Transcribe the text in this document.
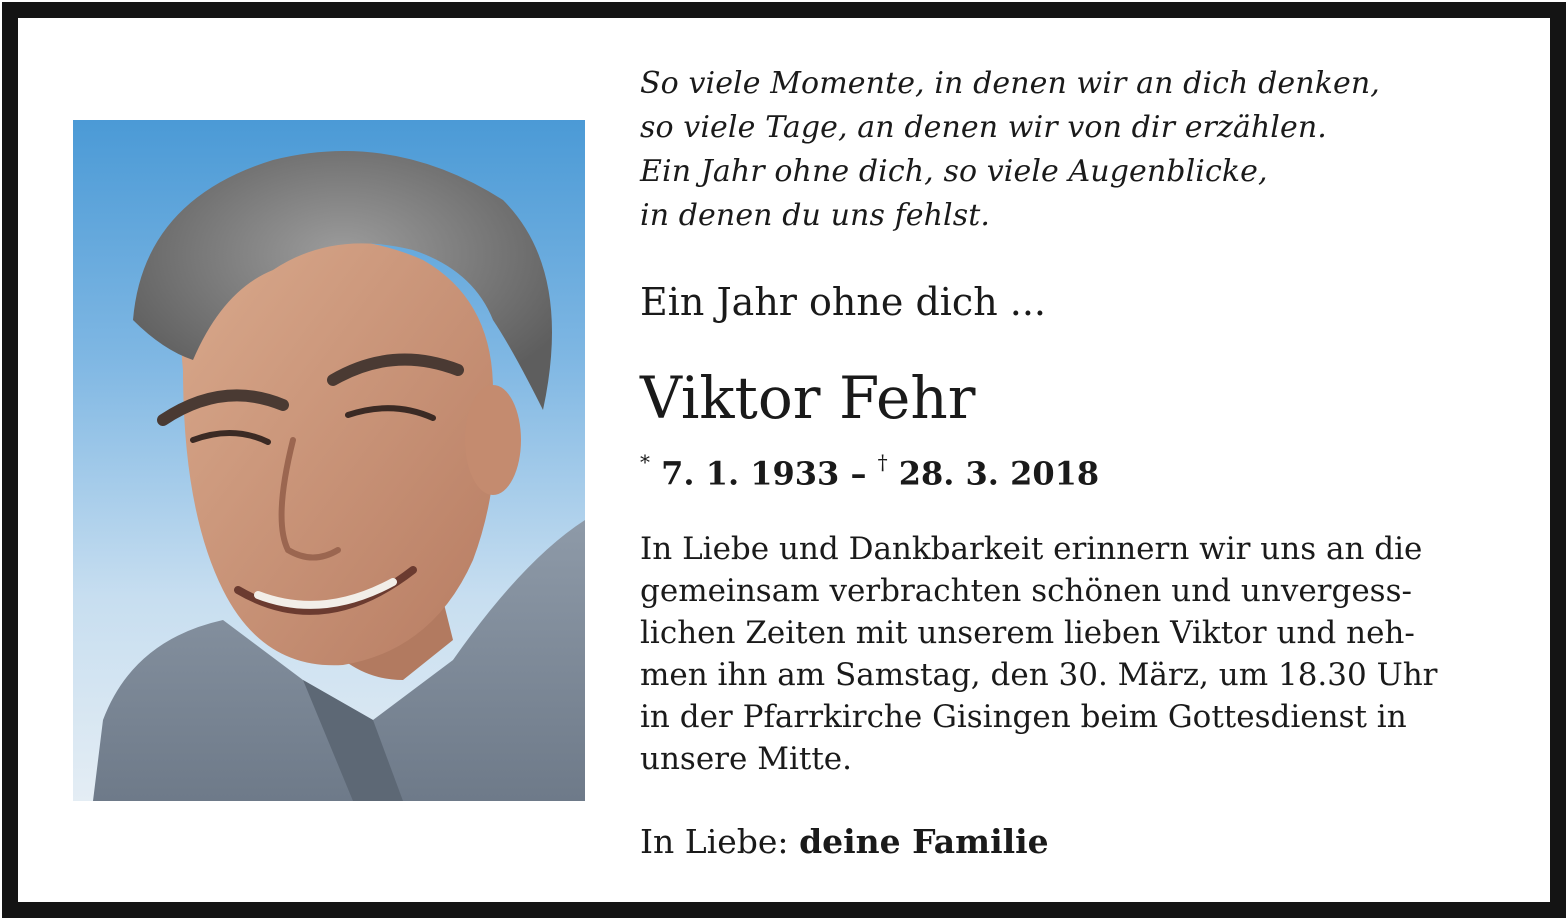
So viele Momente, in denen wir an dich denken,
so viele Tage, an denen wir von dir erzählen.
Ein Jahr ohne dich, so viele Augenblicke,
in denen du uns fehlst.
Ein Jahr ohne dich ...
Viktor Fehr
* 7. 1. 1933 – † 28. 3. 2018
In Liebe und Dankbarkeit erinnern wir uns an die
gemeinsam verbrachten schönen und unvergess-
lichen Zeiten mit unserem lieben Viktor und neh-
men ihn am Samstag, den 30. März, um 18.30 Uhr
in der Pfarrkirche Gisingen beim Gottesdienst in
unsere Mitte.
In Liebe: deine Familie
